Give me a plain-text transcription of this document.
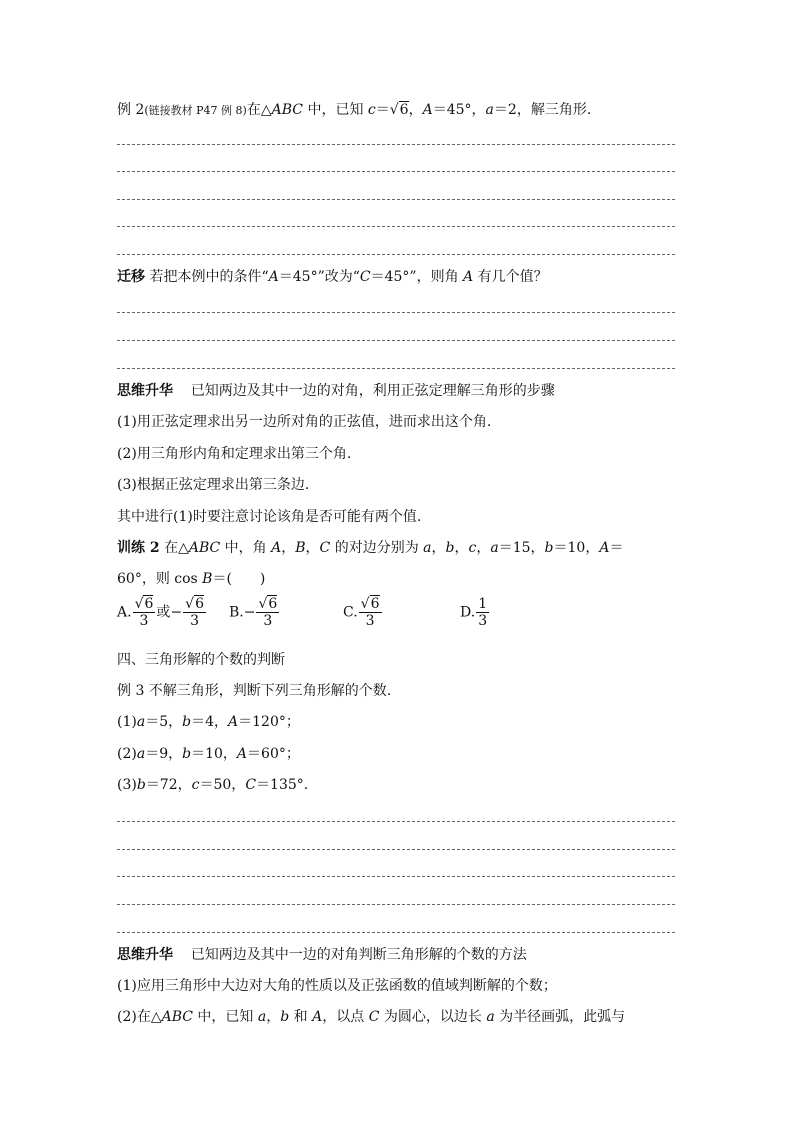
例 2(链接教材 P47 例 8)在△ABC 中，已知 c＝√6，A＝45°，a＝2，解三角形.
迁移 若把本例中的条件“A＝45°”改为“C＝45°”，则角 A 有几个值？
思维升华 已知两边及其中一边的对角，利用正弦定理解三角形的步骤
(1)用正弦定理求出另一边所对角的正弦值，进而求出这个角.
(2)用三角形内角和定理求出第三个角.
(3)根据正弦定理求出第三条边.
其中进行(1)时要注意讨论该角是否可能有两个值.
训练 2 在△ABC 中，角 A，B，C 的对边分别为 a，b，c，a＝15，b＝10，A＝
60°，则 cos B＝(　　)
A. $\frac{√6}{3}$ 或− $\frac{√6}{3} B.- \frac{√6}{3}$	C. $\frac{√6}{3}$	D. $\frac{1}{3}$
四、三角形解的个数的判断
例 3 不解三角形，判断下列三角形解的个数.
(1)a＝5，b＝4，A＝120°；
(2)a＝9，b＝10，A＝60°；
(3)b＝72，c＝50，C＝135°.
思维升华 已知两边及其中一边的对角判断三角形解的个数的方法
(1)应用三角形中大边对大角的性质以及正弦函数的值域判断解的个数；
(2)在△ABC 中，已知 a，b 和 A，以点 C 为圆心，以边长 a 为半径画弧，此弧与
